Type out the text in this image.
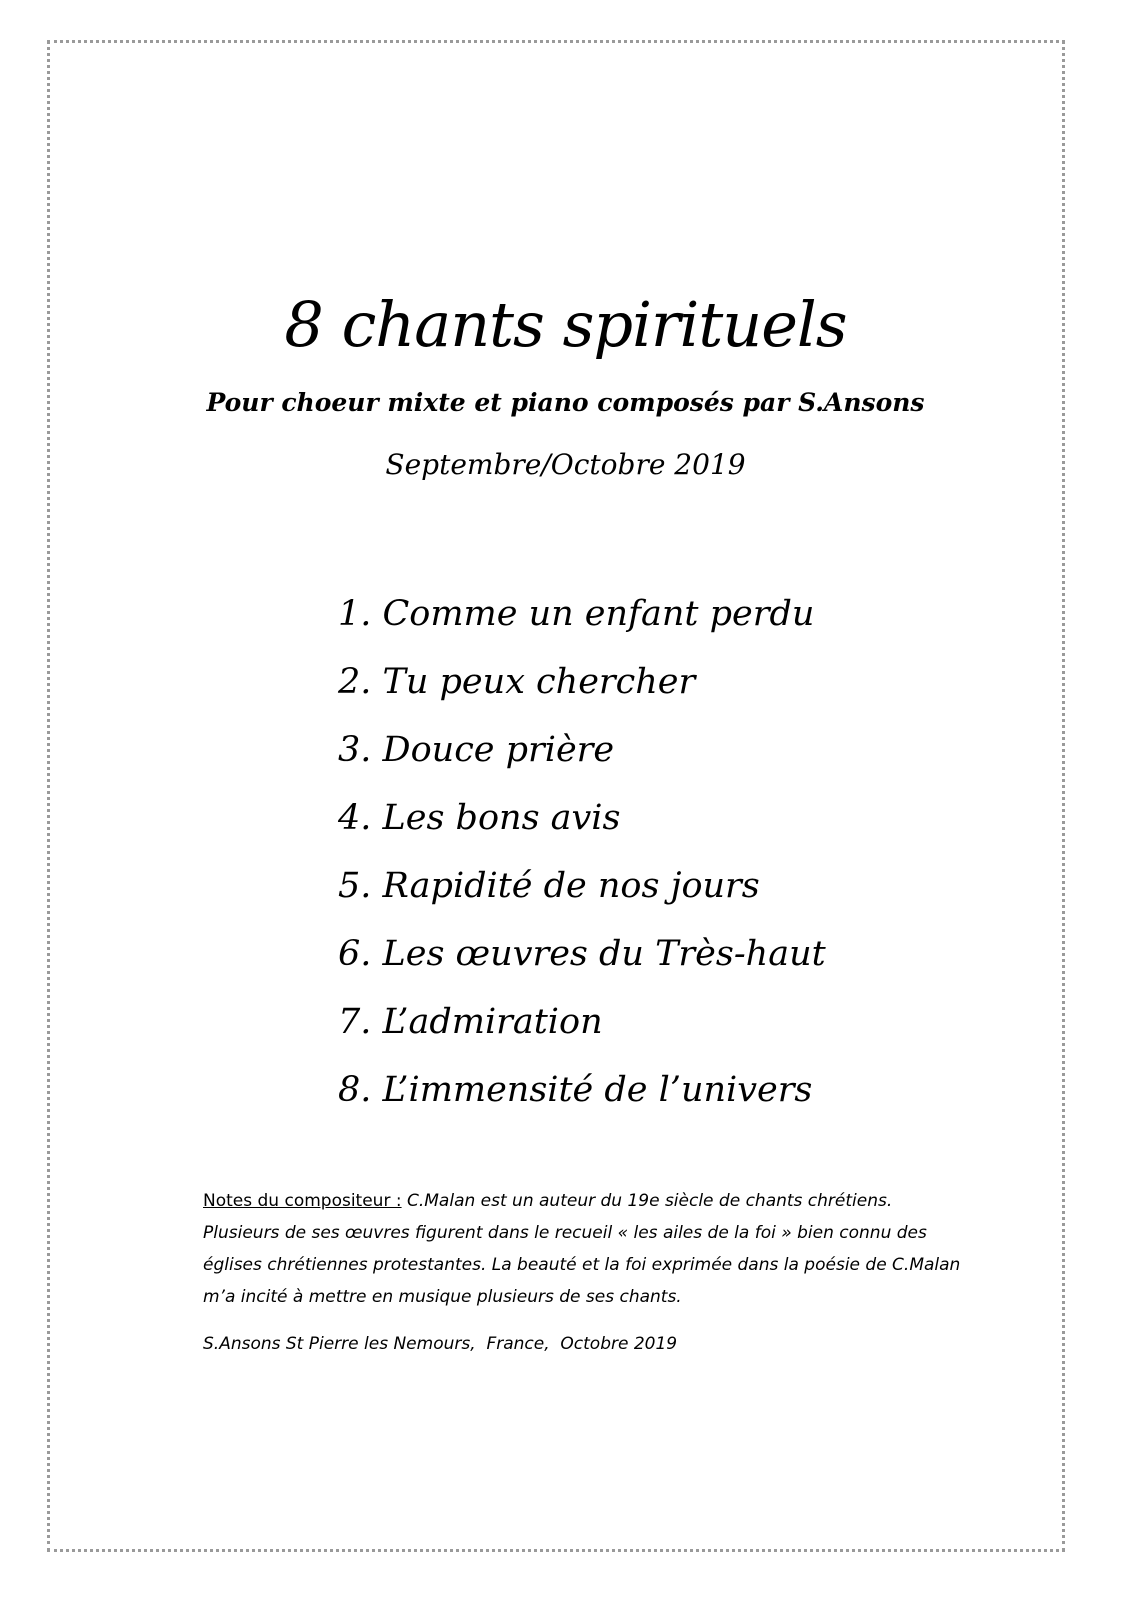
8 chants spirituels
Pour choeur mixte et piano composés par S.Ansons
Septembre/Octobre 2019
1. Comme un enfant perdu
2. Tu peux chercher
3. Douce prière
4. Les bons avis
5. Rapidité de nos jours
6. Les œuvres du Très-haut
7. L’admiration
8. L’immensité de l’univers
Notes du compositeur : C.Malan est un auteur du 19e siècle de chants chrétiens. Plusieurs de ses œuvres figurent dans le recueil « les ailes de la foi » bien connu des églises chrétiennes protestantes. La beauté et la foi exprimée dans la poésie de C.Malan m’a incité à mettre en musique plusieurs de ses chants.
S.Ansons St Pierre les Nemours,  France,  Octobre 2019
